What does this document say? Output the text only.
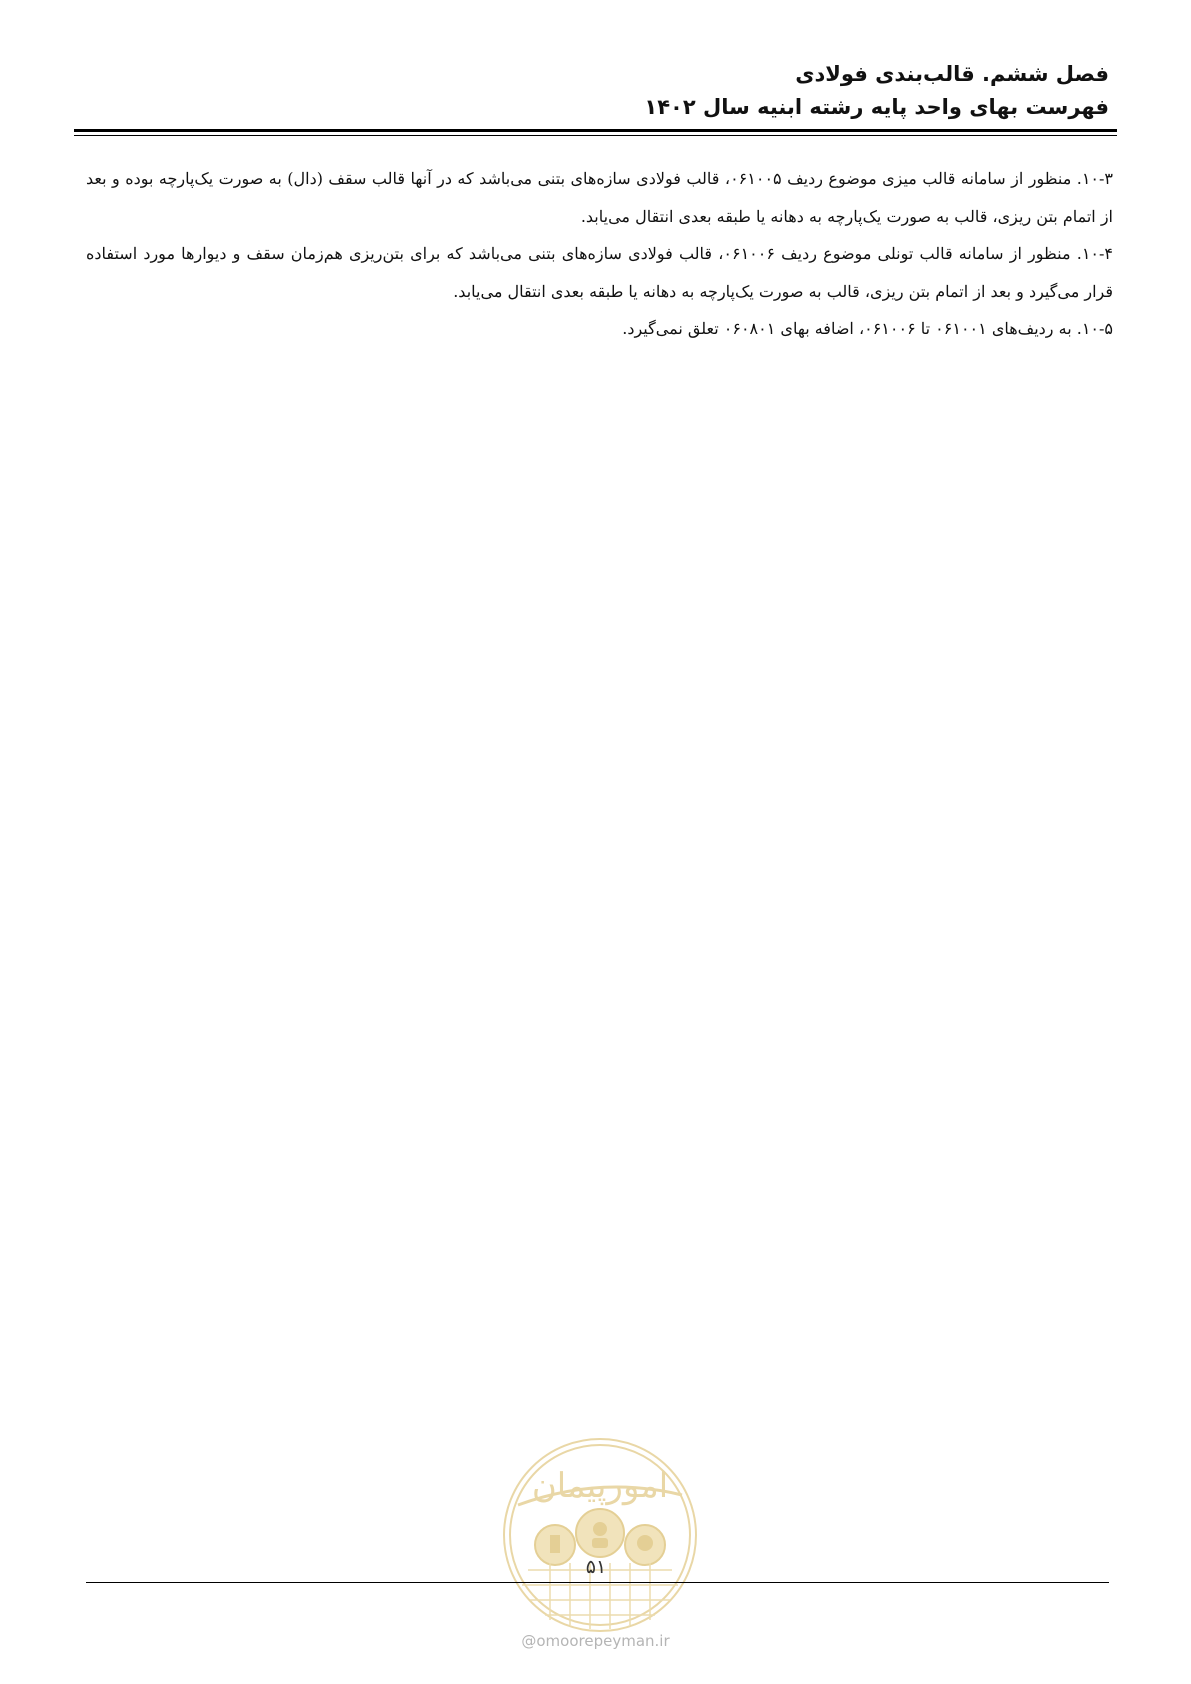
فصل ششم. قالب‌بندی فولادی
فهرست بهای واحد پایه رشته ابنیه سال ۱۴۰۲

۱۰-۳. منظور از سامانه قالب میزی موضوع ردیف ۰۶۱۰۰۵، قالب فولادی سازه‌های بتنی می‌باشد که در آنها قالب سقف (دال) به صورت یک‌پارچه بوده و بعد از اتمام بتن ریزی، قالب به صورت یک‌پارچه به دهانه یا طبقه بعدی انتقال می‌یابد.

۱۰-۴. منظور از سامانه قالب تونلی موضوع ردیف ۰۶۱۰۰۶، قالب فولادی سازه‌های بتنی می‌باشد که برای بتن‌ریزی هم‌زمان سقف و دیوارها مورد استفاده قرار می‌گیرد و بعد از اتمام بتن ریزی، قالب به صورت یک‌پارچه به دهانه یا طبقه بعدی انتقال می‌یابد.

۱۰-۵. به ردیف‌های ۰۶۱۰۰۱ تا ۰۶۱۰۰۶، اضافه بهای ۰۶۰۸۰۱ تعلق نمی‌گیرد.

امورپیمان
۵۱
@omoorepeyman.ir
